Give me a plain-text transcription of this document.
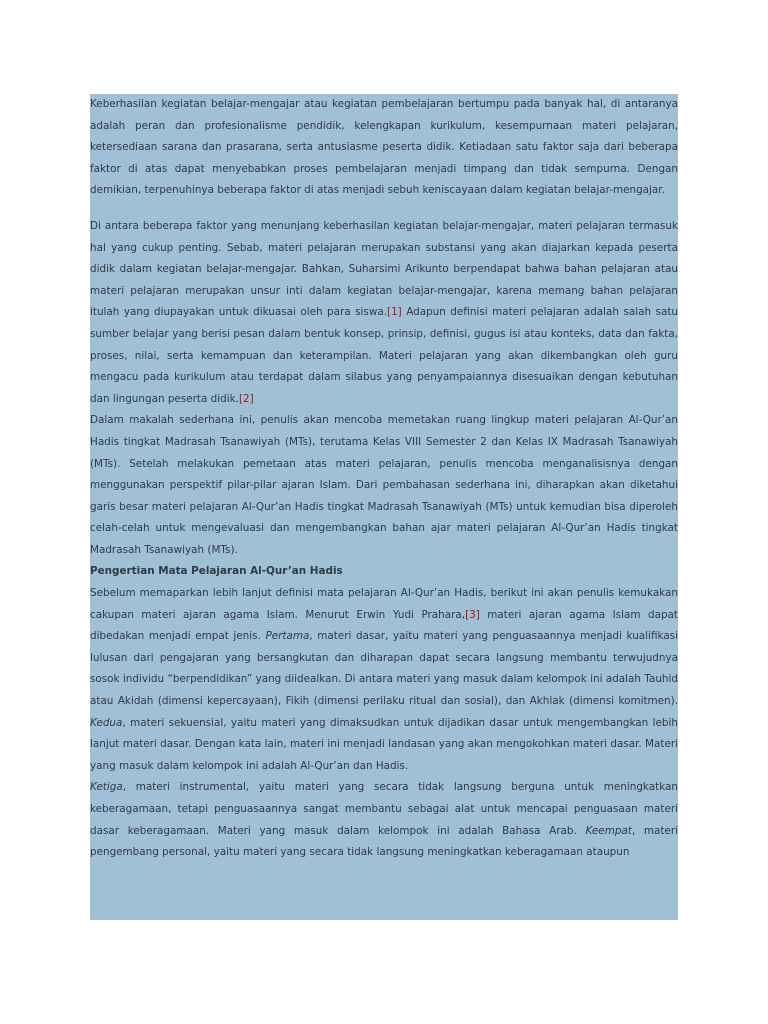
Keberhasilan kegiatan belajar-mengajar atau kegiatan pembelajaran bertumpu pada banyak hal, di antaranya adalah peran dan profesionalisme pendidik, kelengkapan kurikulum, kesempurnaan materi pelajaran, ketersediaan sarana dan prasarana, serta antusiasme peserta didik. Ketiadaan satu faktor saja dari beberapa faktor di atas dapat menyebabkan proses pembelajaran menjadi timpang dan tidak sempurna. Dengan demikian, terpenuhinya beberapa faktor di atas menjadi sebuh keniscayaan dalam kegiatan belajar-mengajar.

Di antara beberapa faktor yang menunjang keberhasilan kegiatan belajar-mengajar, materi pelajaran termasuk hal yang cukup penting. Sebab, materi pelajaran merupakan substansi yang akan diajarkan kepada peserta didik dalam kegiatan belajar-mengajar. Bahkan, Suharsimi Arikunto berpendapat bahwa bahan pelajaran atau materi pelajaran merupakan unsur inti dalam kegiatan belajar-mengajar, karena memang bahan pelajaran itulah yang diupayakan untuk dikuasai oleh para siswa.[1] Adapun definisi materi pelajaran adalah salah satu sumber belajar yang berisi pesan dalam bentuk konsep, prinsip, definisi, gugus isi atau konteks, data dan fakta, proses, nilai, serta kemampuan dan keterampilan. Materi pelajaran yang akan dikembangkan oleh guru mengacu pada kurikulum atau terdapat dalam silabus yang penyampaiannya disesuaikan dengan kebutuhan dan lingungan peserta didik.[2]

Dalam makalah sederhana ini, penulis akan mencoba memetakan ruang lingkup materi pelajaran Al-Qur’an Hadis tingkat Madrasah Tsanawiyah (MTs), terutama Kelas VIII Semester 2 dan Kelas IX Madrasah Tsanawiyah (MTs). Setelah melakukan pemetaan atas materi pelajaran, penulis mencoba menganalisisnya dengan menggunakan perspektif pilar-pilar ajaran Islam. Dari pembahasan sederhana ini, diharapkan akan diketahui garis besar materi pelajaran Al-Qur’an Hadis tingkat Madrasah Tsanawiyah (MTs) untuk kemudian bisa diperoleh celah-celah untuk mengevaluasi dan mengembangkan bahan ajar materi pelajaran Al-Qur’an Hadis tingkat Madrasah Tsanawiyah (MTs).

Pengertian Mata Pelajaran Al-Qur’an Hadis

Sebelum memaparkan lebih lanjut definisi mata pelajaran Al-Qur’an Hadis, berikut ini akan penulis kemukakan cakupan materi ajaran agama Islam. Menurut Erwin Yudi Prahara,[3] materi ajaran agama Islam dapat dibedakan menjadi empat jenis. Pertama, materi dasar, yaitu materi yang penguasaannya menjadi kualifikasi lulusan dari pengajaran yang bersangkutan dan diharapan dapat secara langsung membantu terwujudnya sosok individu “berpendidikan” yang diidealkan. Di antara materi yang masuk dalam kelompok ini adalah Tauhid atau Akidah (dimensi kepercayaan), Fikih (dimensi perilaku ritual dan sosial), dan Akhlak (dimensi komitmen). Kedua, materi sekuensial, yaitu materi yang dimaksudkan untuk dijadikan dasar untuk mengembangkan lebih lanjut materi dasar. Dengan kata lain, materi ini menjadi landasan yang akan mengokohkan materi dasar. Materi yang masuk dalam kelompok ini adalah Al-Qur’an dan Hadis.

Ketiga, materi instrumental, yaitu materi yang secara tidak langsung berguna untuk meningkatkan keberagamaan, tetapi penguasaannya sangat membantu sebagai alat untuk mencapai penguasaan materi dasar keberagamaan. Materi yang masuk dalam kelompok ini adalah Bahasa Arab. Keempat, materi pengembang personal, yaitu materi yang secara tidak langsung meningkatkan keberagamaan ataupun
